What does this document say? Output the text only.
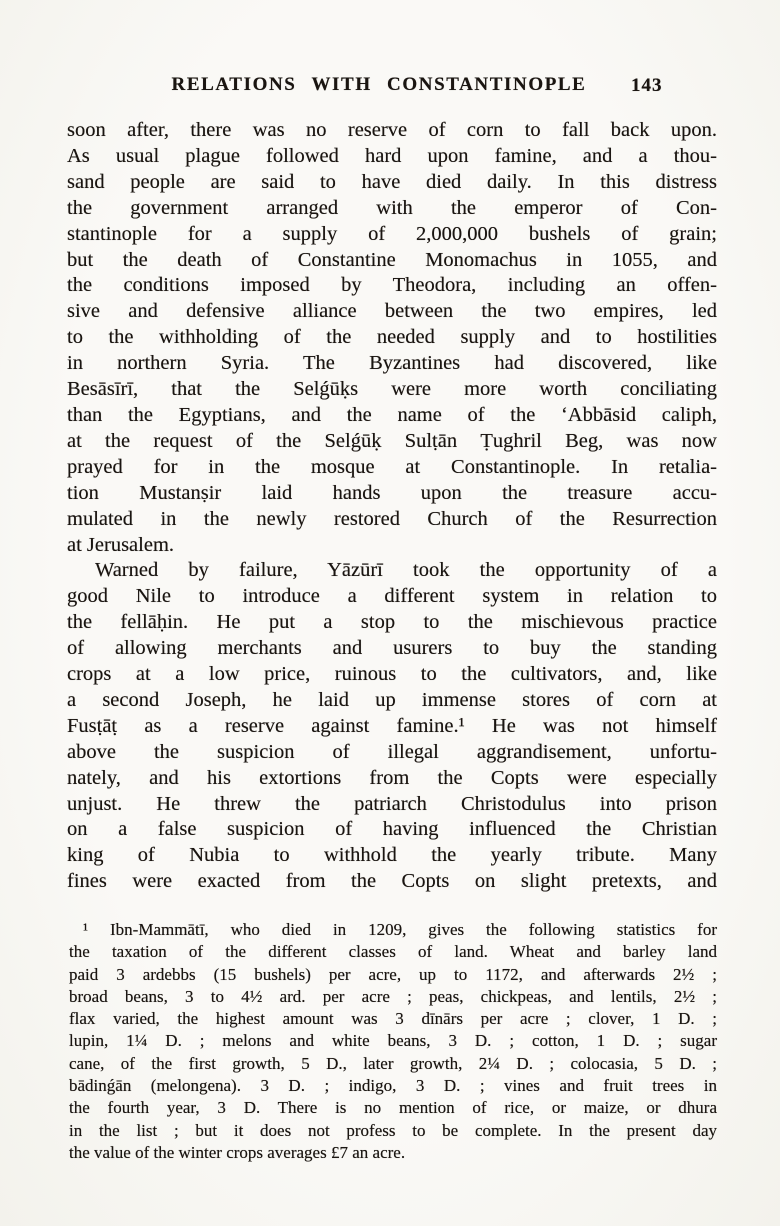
RELATIONS WITH CONSTANTINOPLE	143
soon after, there was no reserve of corn to fall back upon.
As usual plague followed hard upon famine, and a thou-
sand people are said to have died daily. In this distress
the government arranged with the emperor of Con-
stantinople for a supply of 2,000,000 bushels of grain;
but the death of Constantine Monomachus in 1055, and
the conditions imposed by Theodora, including an offen-
sive and defensive alliance between the two empires, led
to the withholding of the needed supply and to hostilities
in northern Syria. The Byzantines had discovered, like
Besāsīrī, that the Selǵūḳs were more worth conciliating
than the Egyptians, and the name of the ‘Abbāsid caliph,
at the request of the Selǵūḳ Sulṭān Ṭughril Beg, was now
prayed for in the mosque at Constantinople. In retalia-
tion Mustanṣir laid hands upon the treasure accu-
mulated in the newly restored Church of the Resurrection
at Jerusalem.
Warned by failure, Yāzūrī took the opportunity of a
good Nile to introduce a different system in relation to
the fellāḥin. He put a stop to the mischievous practice
of allowing merchants and usurers to buy the standing
crops at a low price, ruinous to the cultivators, and, like
a second Joseph, he laid up immense stores of corn at
Fusṭāṭ as a reserve against famine.¹ He was not himself
above the suspicion of illegal aggrandisement, unfortu-
nately, and his extortions from the Copts were especially
unjust. He threw the patriarch Christodulus into prison
on a false suspicion of having influenced the Christian
king of Nubia to withhold the yearly tribute. Many
fines were exacted from the Copts on slight pretexts, and
¹ Ibn-Mammātī, who died in 1209, gives the following statistics for
the taxation of the different classes of land. Wheat and barley land
paid 3 ardebbs (15 bushels) per acre, up to 1172, and afterwards 2½ ;
broad beans, 3 to 4½ ard. per acre ; peas, chickpeas, and lentils, 2½ ;
flax varied, the highest amount was 3 dīnārs per acre ; clover, 1 D. ;
lupin, 1¼ D. ; melons and white beans, 3 D. ; cotton, 1 D. ; sugar
cane, of the first growth, 5 D., later growth, 2¼ D. ; colocasia, 5 D. ;
bādinǵān (melongena). 3 D. ; indigo, 3 D. ; vines and fruit trees in
the fourth year, 3 D. There is no mention of rice, or maize, or dhura
in the list ; but it does not profess to be complete. In the present day
the value of the winter crops averages £7 an acre.
